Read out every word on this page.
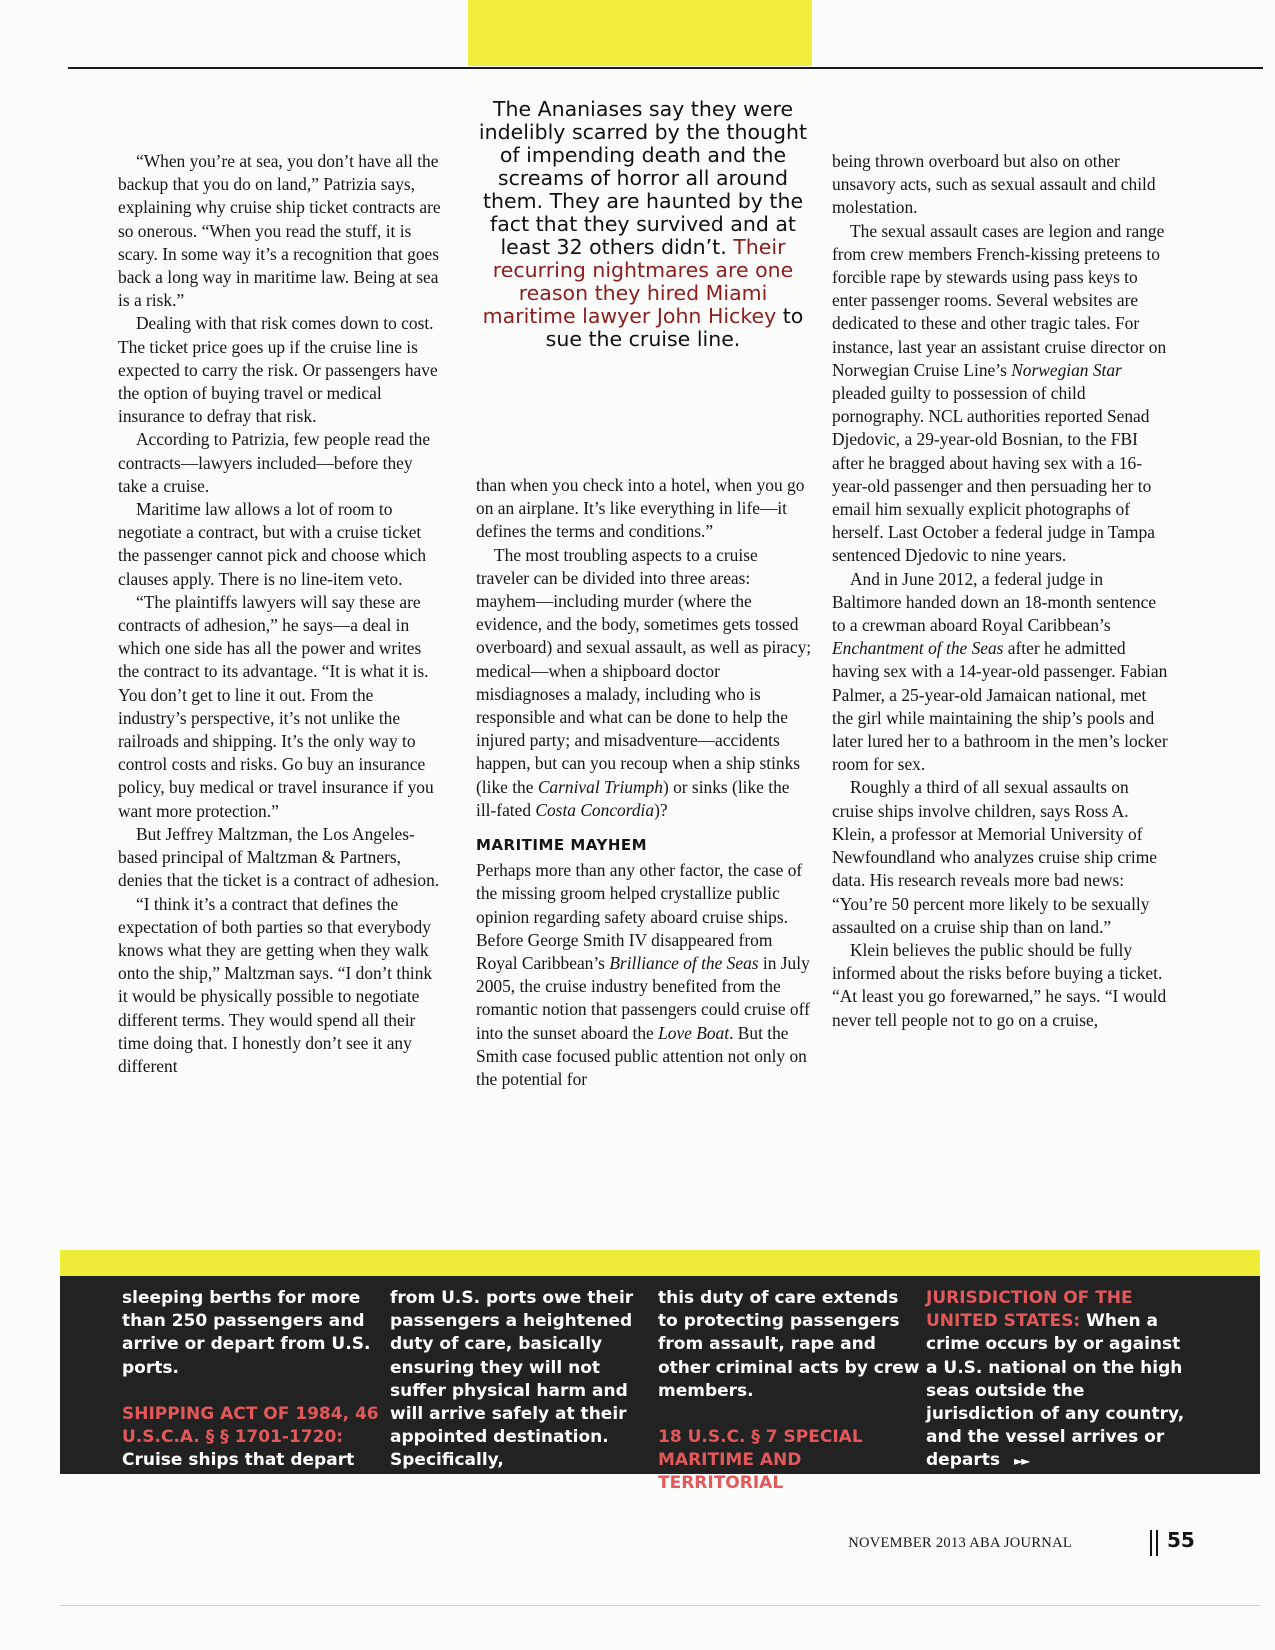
“When you’re at sea, you don’t have all the backup that you do on land,” Patrizia says, explaining why cruise ship ticket contracts are so onerous. “When you read the stuff, it is scary. In some way it’s a recognition that goes back a long way in maritime law. Being at sea is a risk.”

Dealing with that risk comes down to cost. The ticket price goes up if the cruise line is expected to carry the risk. Or passengers have the option of buying travel or medical insurance to defray that risk.

According to Patrizia, few people read the contracts—lawyers included—before they take a cruise.

Maritime law allows a lot of room to negotiate a contract, but with a cruise ticket the passenger cannot pick and choose which clauses apply. There is no line-item veto.

“The plaintiffs lawyers will say these are contracts of adhesion,” he says—a deal in which one side has all the power and writes the contract to its advantage. “It is what it is. You don’t get to line it out. From the industry’s perspective, it’s not unlike the railroads and shipping. It’s the only way to control costs and risks. Go buy an insurance policy, buy medical or travel insurance if you want more protection.”

But Jeffrey Maltzman, the Los Angeles-based principal of Maltzman & Partners, denies that the ticket is a contract of adhesion.

“I think it’s a contract that defines the expectation of both parties so that everybody knows what they are getting when they walk onto the ship,” Maltzman says. “I don’t think it would be physically possible to negotiate different terms. They would spend all their time doing that. I honestly don’t see it any different

The Ananiases say they were indelibly scarred by the thought of impending death and the screams of horror all around them. They are haunted by the fact that they survived and at least 32 others didn’t. Their recurring nightmares are one reason they hired Miami maritime lawyer John Hickey to sue the cruise line.

than when you check into a hotel, when you go on an airplane. It’s like everything in life—it defines the terms and conditions.”

The most troubling aspects to a cruise traveler can be divided into three areas: mayhem—including murder (where the evidence, and the body, sometimes gets tossed overboard) and sexual assault, as well as piracy; medical—when a shipboard doctor misdiagnoses a malady, including who is responsible and what can be done to help the injured party; and misadventure—accidents happen, but can you recoup when a ship stinks (like the Carnival Triumph) or sinks (like the ill-fated Costa Concordia)?

MARITIME MAYHEM

Perhaps more than any other factor, the case of the missing groom helped crystallize public opinion regarding safety aboard cruise ships. Before George Smith IV disappeared from Royal Caribbean’s Brilliance of the Seas in July 2005, the cruise industry benefited from the romantic notion that passengers could cruise off into the sunset aboard the Love Boat. But the Smith case focused public attention not only on the potential for

being thrown overboard but also on other unsavory acts, such as sexual assault and child molestation.

The sexual assault cases are legion and range from crew members French-kissing preteens to forcible rape by stewards using pass keys to enter passenger rooms. Several websites are dedicated to these and other tragic tales. For instance, last year an assistant cruise director on Norwegian Cruise Line’s Norwegian Star pleaded guilty to possession of child pornography. NCL authorities reported Senad Djedovic, a 29-year-old Bosnian, to the FBI after he bragged about having sex with a 16-year-old passenger and then persuading her to email him sexually explicit photographs of herself. Last October a federal judge in Tampa sentenced Djedovic to nine years.

And in June 2012, a federal judge in Baltimore handed down an 18-month sentence to a crewman aboard Royal Caribbean’s Enchantment of the Seas after he admitted having sex with a 14-year-old passenger. Fabian Palmer, a 25-year-old Jamaican national, met the girl while maintaining the ship’s pools and later lured her to a bathroom in the men’s locker room for sex.

Roughly a third of all sexual assaults on cruise ships involve children, says Ross A. Klein, a professor at Memorial University of Newfoundland who analyzes cruise ship crime data. His research reveals more bad news: “You’re 50 percent more likely to be sexually assaulted on a cruise ship than on land.”

Klein believes the public should be fully informed about the risks before buying a ticket. “At least you go forewarned,” he says. “I would never tell people not to go on a cruise,

sleeping berths for more than 250 passengers and arrive or depart from U.S. ports.

SHIPPING ACT OF 1984, 46 U.S.C.A. § § 1701-1720:

Cruise ships that depart

from U.S. ports owe their passengers a heightened duty of care, basically ensuring they will not suffer physical harm and will arrive safely at their appointed destination. Specifically,

this duty of care extends to protecting passengers from assault, rape and other criminal acts by crew members.

18 U.S.C. § 7 SPECIAL MARITIME AND TERRITORIAL

JURISDICTION OF THE UNITED STATES: When a crime occurs by or against a U.S. national on the high seas outside the jurisdiction of any country, and the vessel arrives or departs ►►

NOVEMBER 2013 ABA JOURNAL	55
